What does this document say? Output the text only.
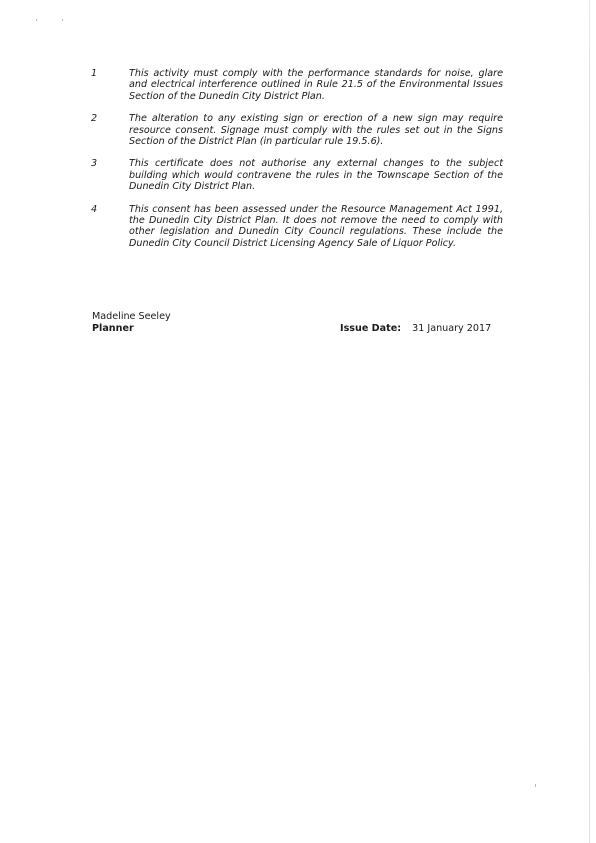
1	This activity must comply with the performance standards for noise, glare and electrical interference outlined in Rule 21.5 of the Environmental Issues Section of the Dunedin City District Plan.
2	The alteration to any existing sign or erection of a new sign may require resource consent. Signage must comply with the rules set out in the Signs Section of the District Plan (in particular rule 19.5.6).
3	This certificate does not authorise any external changes to the subject building which would contravene the rules in the Townscape Section of the Dunedin City District Plan.
4	This consent has been assessed under the Resource Management Act 1991, the Dunedin City District Plan. It does not remove the need to comply with other legislation and Dunedin City Council regulations. These include the Dunedin City Council District Licensing Agency Sale of Liquor Policy.
Madeline Seeley
Planner	Issue Date: 31 January 2017
